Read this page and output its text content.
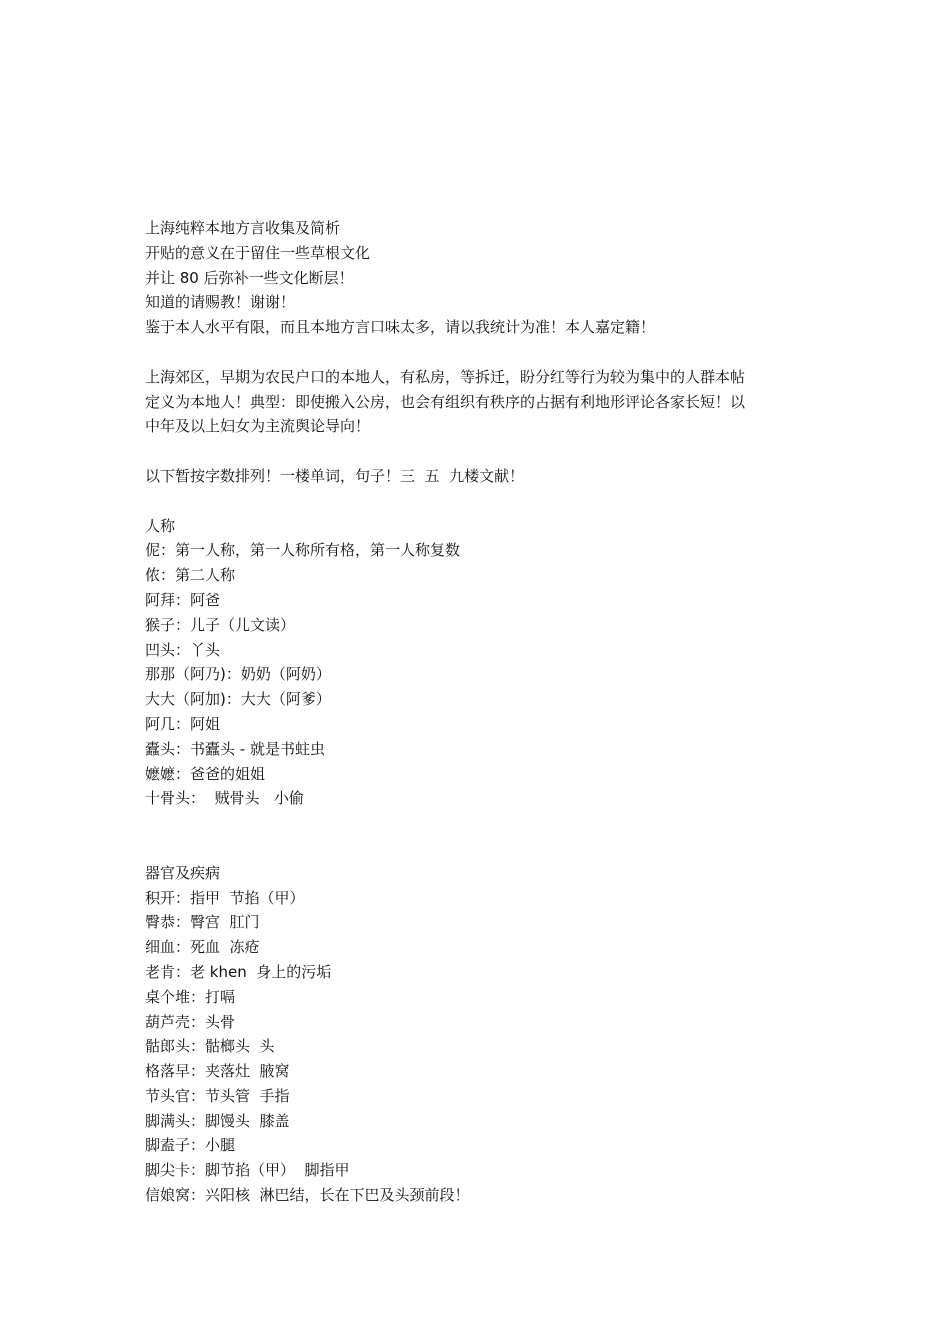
上海纯粹本地方言收集及简析
开贴的意义在于留住一些草根文化
并让 80 后弥补一些文化断层！
知道的请赐教！谢谢！
鉴于本人水平有限，而且本地方言口味太多，请以我统计为准！本人嘉定籍！
上海郊区，早期为农民户口的本地人，有私房，等拆迁，盼分红等行为较为集中的人群本帖
定义为本地人！典型：即使搬入公房，也会有组织有秩序的占据有利地形评论各家长短！以
中年及以上妇女为主流舆论导向！
以下暂按字数排列！一楼单词，句子！三  五  九楼文献！
人称
伲：第一人称，第一人称所有格，第一人称复数
侬：第二人称
阿拜：阿爸
猴子：儿子（儿文读）
凹头：丫头
那那（阿乃)：奶奶（阿奶）
大大（阿加)：大大（阿爹）
阿几：阿姐
蠹头：书蠹头 - 就是书蛀虫
嬷嬷：爸爸的姐姐
十骨头：  贼骨头   小偷
器官及疾病
积开：指甲  节掐（甲）
臀恭：臀宫  肛门
细血：死血  冻疮
老肯：老 khen  身上的污垢
桌个堆：打嗝
葫芦壳：头骨
骷郎头：骷榔头  头
格落早：夹落灶  腋窝
节头官：节头管  手指
脚满头：脚馒头  膝盖
脚盍子：小腿
脚尖卡：脚节掐（甲）  脚指甲
信娘窝：兴阳核  淋巴结，长在下巴及头颈前段！
